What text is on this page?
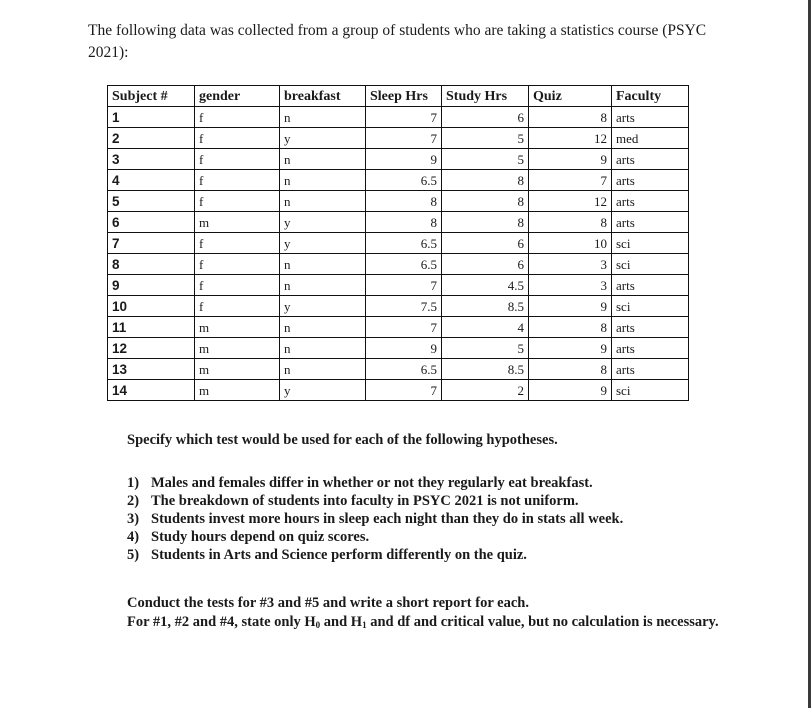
The following data was collected from a group of students who are taking a statistics course (PSYC 2021):

Subject #	gender	breakfast	Sleep Hrs	Study Hrs	Quiz	Faculty
1	f	n	7	6	8	arts
2	f	y	7	5	12	med
3	f	n	9	5	9	arts
4	f	n	6.5	8	7	arts
5	f	n	8	8	12	arts
6	m	y	8	8	8	arts
7	f	y	6.5	6	10	sci
8	f	n	6.5	6	3	sci
9	f	n	7	4.5	3	arts
10	f	y	7.5	8.5	9	sci
11	m	n	7	4	8	arts
12	m	n	9	5	9	arts
13	m	n	6.5	8.5	8	arts
14	m	y	7	2	9	sci

Specify which test would be used for each of the following hypotheses.

1) Males and females differ in whether or not they regularly eat breakfast.
2) The breakdown of students into faculty in PSYC 2021 is not uniform.
3) Students invest more hours in sleep each night than they do in stats all week.
4) Study hours depend on quiz scores.
5) Students in Arts and Science perform differently on the quiz.

Conduct the tests for #3 and #5 and write a short report for each.

For #1, #2 and #4, state only $H_0$ and $H_1$ and df and critical value, but no calculation is necessary.
